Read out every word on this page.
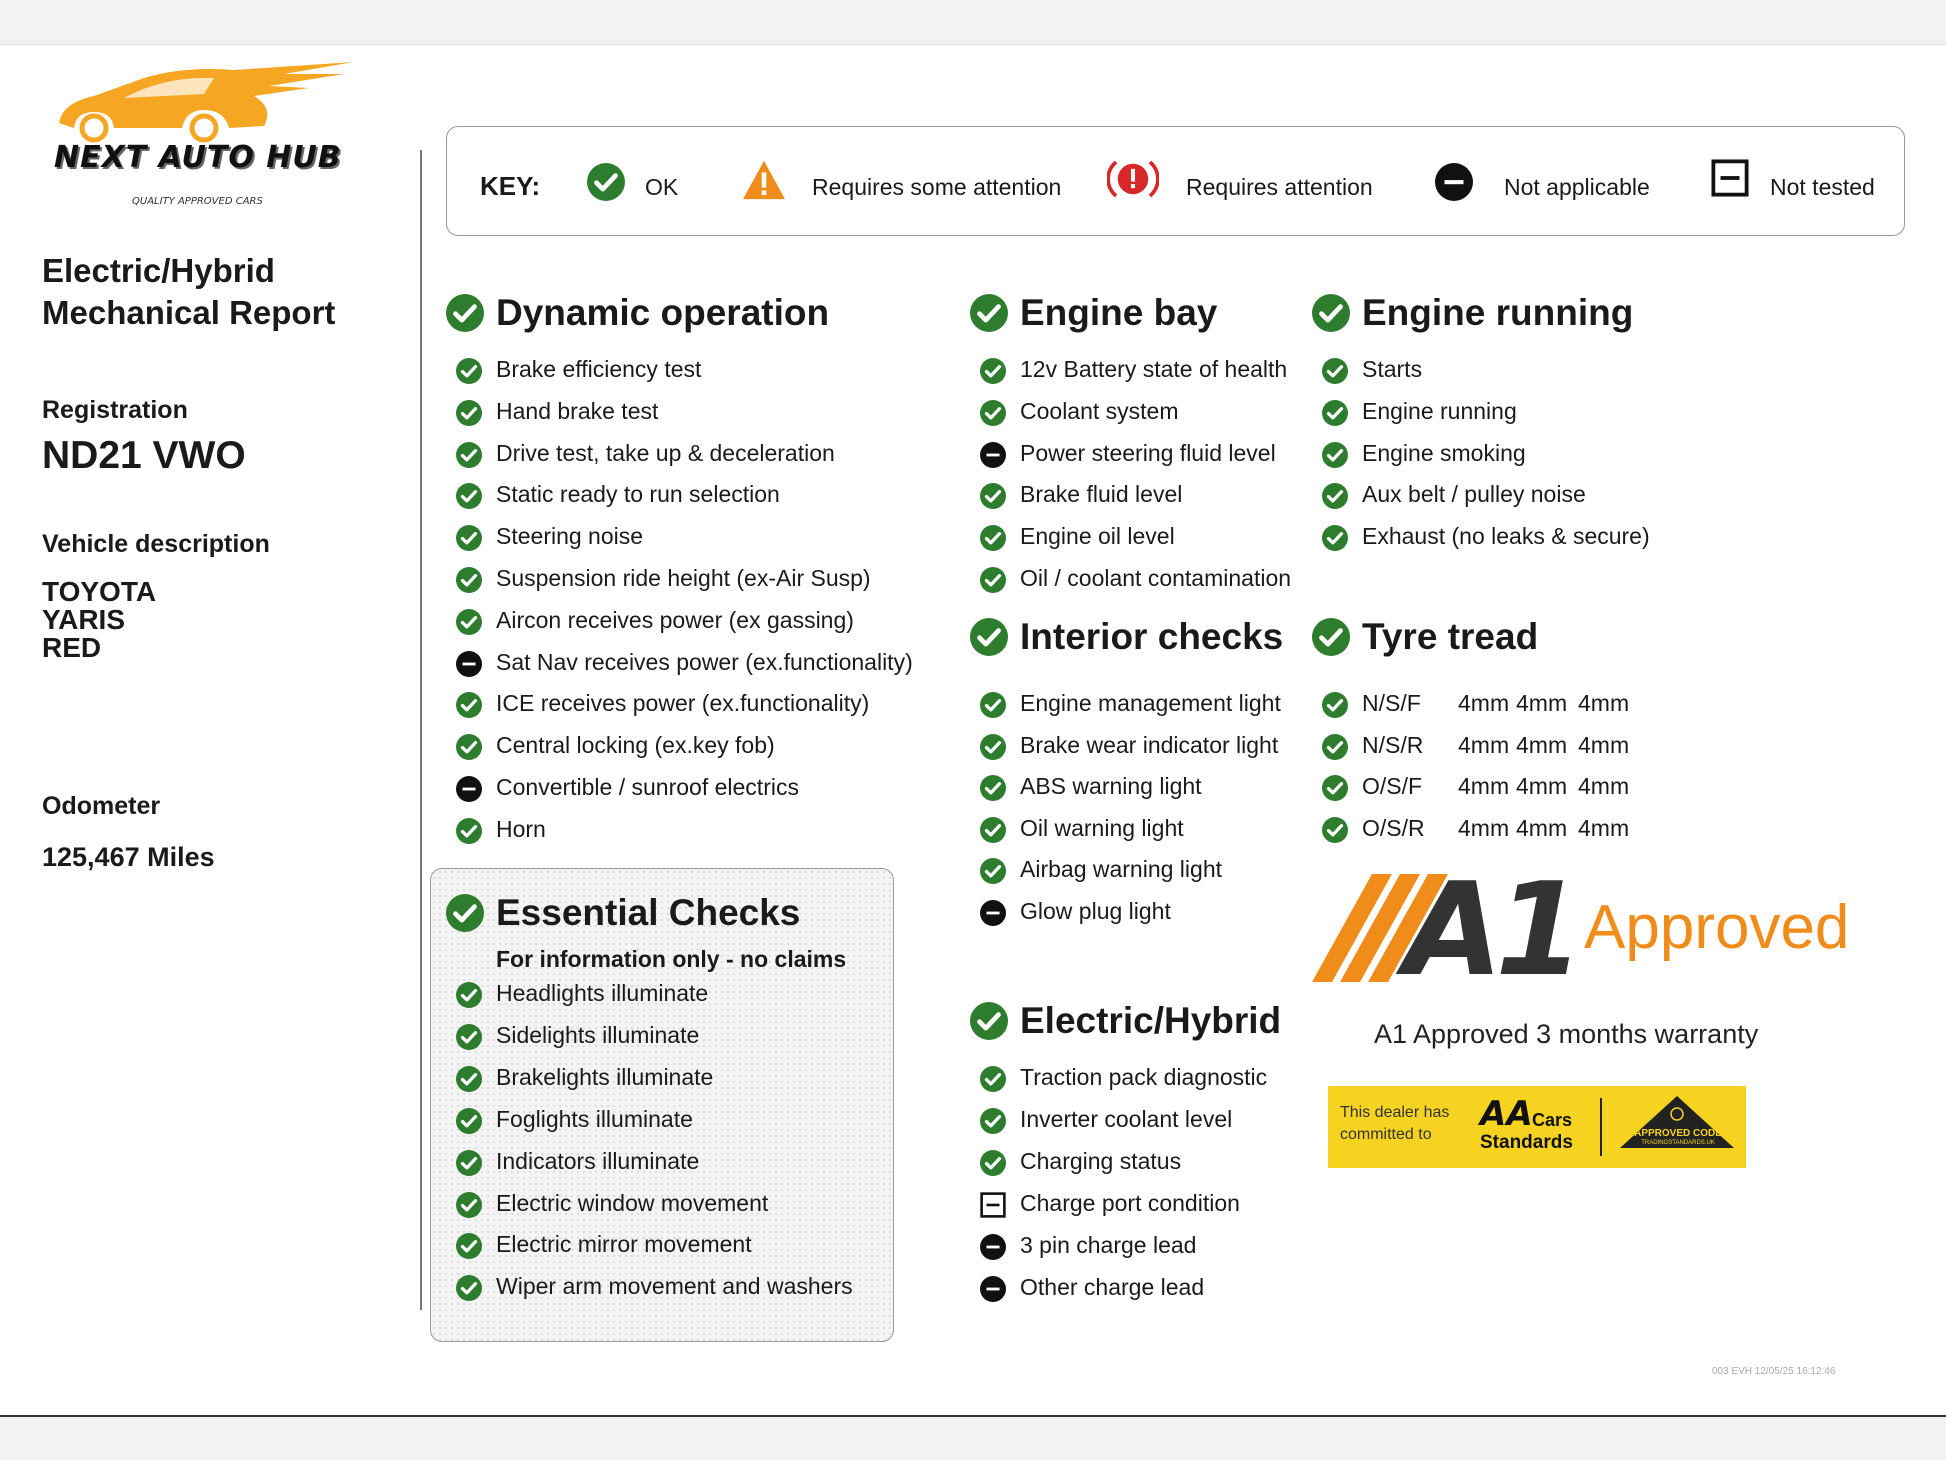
NEXT AUTO HUB
QUALITY APPROVED CARS
Electric/Hybrid
Mechanical Report
Registration
ND21 VWO
Vehicle description
TOYOTA
YARIS
RED
Odometer
125,467 Miles
KEY:	OK	Requires some attention	Requires attention	Not applicable	Not tested
Dynamic operation
Essential Checks
For information only - no claims
Engine bay
Interior checks
Electric/Hybrid
Engine running
Tyre tread
Brake efficiency test
Hand brake test
Drive test, take up & deceleration
Static ready to run selection
Steering noise
Suspension ride height (ex-Air Susp)
Aircon receives power (ex gassing)
Sat Nav receives power (ex.functionality)
ICE receives power (ex.functionality)
Central locking (ex.key fob)
Convertible / sunroof electrics
Horn
Headlights illuminate
Sidelights illuminate
Brakelights illuminate
Foglights illuminate
Indicators illuminate
Electric window movement
Electric mirror movement
Wiper arm movement and washers
12v Battery state of health
Coolant system
Power steering fluid level
Brake fluid level
Engine oil level
Oil / coolant contamination
Engine management light
Brake wear indicator light
ABS warning light
Oil warning light
Airbag warning light
Glow plug light
Traction pack diagnostic
Inverter coolant level
Charging status
Charge port condition
3 pin charge lead
Other charge lead
Starts
Engine running
Engine smoking
Aux belt / pulley noise
Exhaust (no leaks & secure)
N/S/F 4mm 4mm 4mm
N/S/R 4mm 4mm 4mm
O/S/F 4mm 4mm 4mm
O/S/R 4mm 4mm 4mm
A1 Approved
A1 Approved 3 months warranty
This dealer has
committed to
AA Cars
Standards	APPROVED CODE
TRADINGSTANDARDS.UK
003 EVH 12/05/25 16:12:46
